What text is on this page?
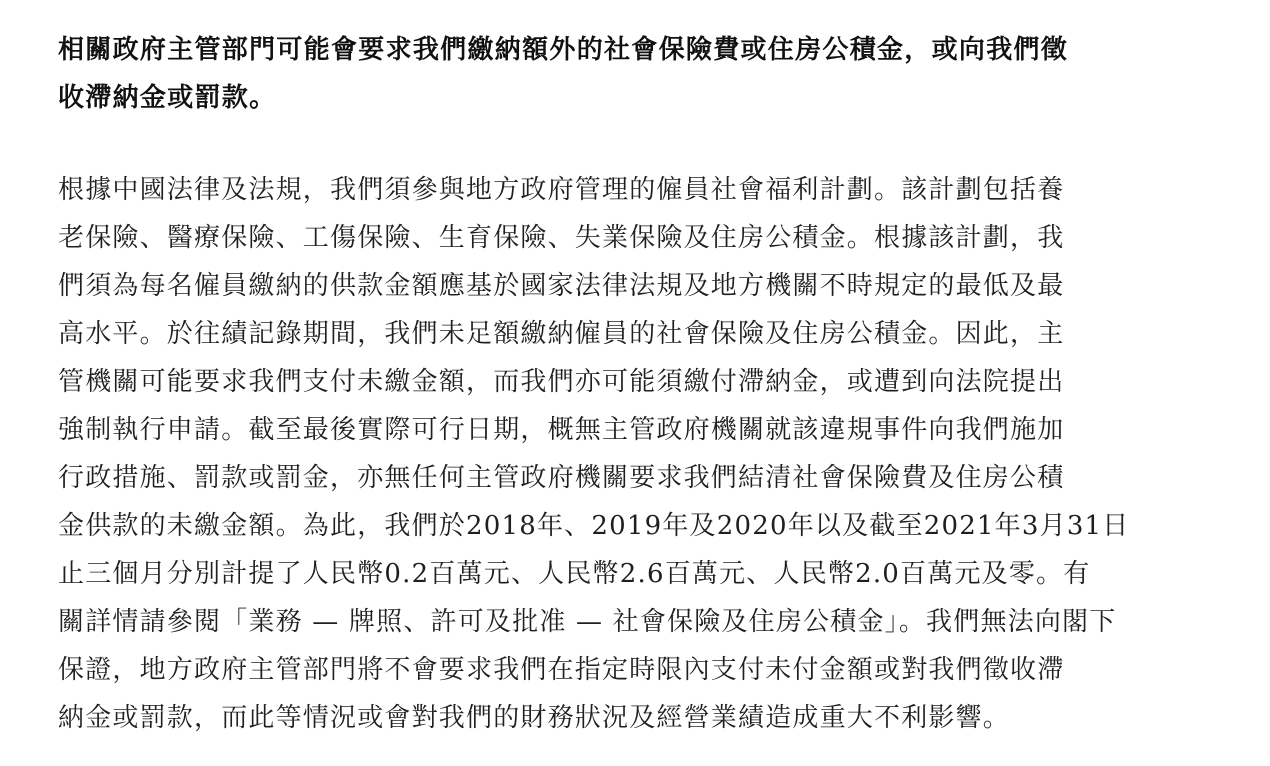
相關政府主管部門可能會要求我們繳納額外的社會保險費或住房公積金，或向我們徵
收滯納金或罰款。

根據中國法律及法規，我們須參與地方政府管理的僱員社會福利計劃。該計劃包括養
老保險、醫療保險、工傷保險、生育保險、失業保險及住房公積金。根據該計劃，我
們須為每名僱員繳納的供款金額應基於國家法律法規及地方機關不時規定的最低及最
高水平。於往績記錄期間，我們未足額繳納僱員的社會保險及住房公積金。因此，主
管機關可能要求我們支付未繳金額，而我們亦可能須繳付滯納金，或遭到向法院提出
強制執行申請。截至最後實際可行日期，概無主管政府機關就該違規事件向我們施加
行政措施、罰款或罰金，亦無任何主管政府機關要求我們結清社會保險費及住房公積
金供款的未繳金額。為此，我們於2018年、2019年及2020年以及截至2021年3月31日
止三個月分別計提了人民幣0.2百萬元、人民幣2.6百萬元、人民幣2.0百萬元及零。有
關詳情請參閱「業務 — 牌照、許可及批准 — 社會保險及住房公積金」。我們無法向閣下
保證，地方政府主管部門將不會要求我們在指定時限內支付未付金額或對我們徵收滯
納金或罰款，而此等情況或會對我們的財務狀況及經營業績造成重大不利影響。
